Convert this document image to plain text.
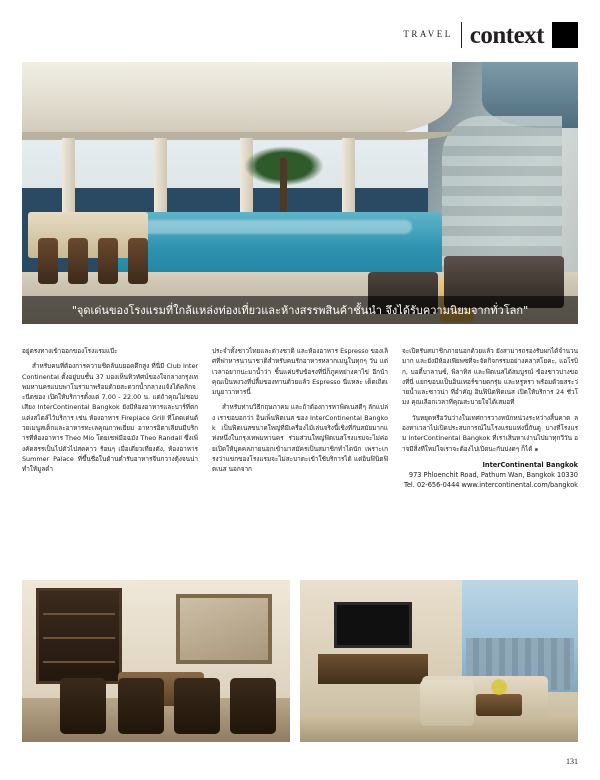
TRAVEL context
"จุดเด่นของโรงแรมที่ใกล้แหล่งท่องเที่ยวและห้างสรรพสินค้าชั้นนำ จึงได้รับความนิยมจากทั่วโลก"

อยู่ตรงทางเข้าออกของโรงแรมแป๊ะ

สำหรับคนที่ต้องการความชิดล้นบยอดตึกสูง ที่นี่มี Club InterContinental ตั้งอยู่บนชั้น 37 มองเห็นทิวทัศน์ของใจกลางกรุงเทพมหานครแบบพาโนรามาพร้อมด้วยสะดวกน้ำกลางแจ้งได้คลิกจะนีดของ เปิดให้บริการตั้งแต่ 7.00 - 22.00 น. แต่ถ้าคุณไม่ชอบเสียง InterContinental Bangkok ยังมีห้องอาหารและบาร์ที่ตกแต่งสไตล์ไว้บริการ เช่น ห้องอาหาร Fireplace Grill ที่โดดเด่นด้วยเมนูสเต็กและอาหารทะเลคุณภาพเยี่ยม อาหารอิตาเลียนมีบริการที่ห้องอาหาร Theo Mio โดยเชฟมือฉมัง Theo Randall ซึ่งเพิ่งคัดสรรเป็นไปดัวไปสดคาว ร้อนๆ เมื่อเดี่ยวเที่ยงตัง, ห้องอาหาร Summer Palace ที่ขึ้นชื่อในด้านตำรับอาหารจีนกวางตุ้งจนน่าทำให้มูลดำ

ประจำทั้งชาวไทยและต่างชาติ และห้องอาหาร Espresso ของเลิศที่ฟาหารนานาชาติสำหรับคนรักอาหารหลากเมนูในทุกๆ วัน แต่เวลาอยากนะมาน้ำว่า ชิ้นแค่บรับข้อรงที่นี่ก็ภูคหย่างคาไข่ อีกน้าคุณเป็นหงวงที่ปลื้มของทานด้วยแล้ว Espresso นี่แหละ เด็ดเถิดเมนูยาวาหารนี้

สำหรับท่าบวิธีกฤษภาคม และถ้าต้องการหาพิดเนสดีๆ ลักแปล่ง เราขอบอกว่า อินเพ็นฟิตเนส ของ InterContinental Bangkok เป็นฟิตเนสขนาดใหญ่ที่มีเครื่องไม้เล่นจริงนี้เชิงที่กันสมัยมากแห่งหนึ่งในกรุงเทพมหานคร ร่วมส่วนใหญ่ฟิตเนสโรงแรมจะไม่ค่อยเปิดให้บุคคลภายนอกเข้ามาสมัครเป็นสมาชิกทำไดนัก เพราะเกรงว่าแขกของโรงแรมจะไม่สะบาดะเข้าใช้บริการได้ แต่อินฟินิตฟิตเนส นอกจาก

จะเปิดรับสมาชิกภายนอกด้วยแล้ว ยังสามารถรองรับผกได้จำนวนมาก และยังมีห้องเพียพซที่จะจัดกิจกรรมอย่างคลาสโยคะ, แอโรบิก, บอดี้บาลานซ์, พิลาทิส และฟิตเนสได้สมบูรณ์ ข้องชาวบ่างของที่นี่ แยกขอบแป็นอินเทอร์ขายดกรุ่ม และหรูหรา พร้อมด้วยสระว่ายน้ำและซาวน่า ที่อำคัญ อินฟินิตฟิตเนส เปิดให้บริการ 24 ชั่วโมง คุณเลือกเวลาที่คุณสะบายใจได้เสมอที่

วันหยุดหรือวันว่างในเทศการวางหนักหน่วงระหว่างสิ้นคาด ลองหาเวลาไปเปิดประสบการณ์ในโรงแรมแห่งนี้กันดู บางที่โรงแรม InterContinental Bangkok ที่เราเสินหาเง่านไปมาทุกวีวัน อาจมีสิ่งที่ใหม่ใจเราจะต้องไปเปิดนะกันบ่งดๆ ก็ได้ ๑

InterContinental Bangkok
973 Phloenchit Road, Pathum Wan, Bangkok 10330
Tel. 02-656-0444 www.intercontinental.com/bangkok
131
